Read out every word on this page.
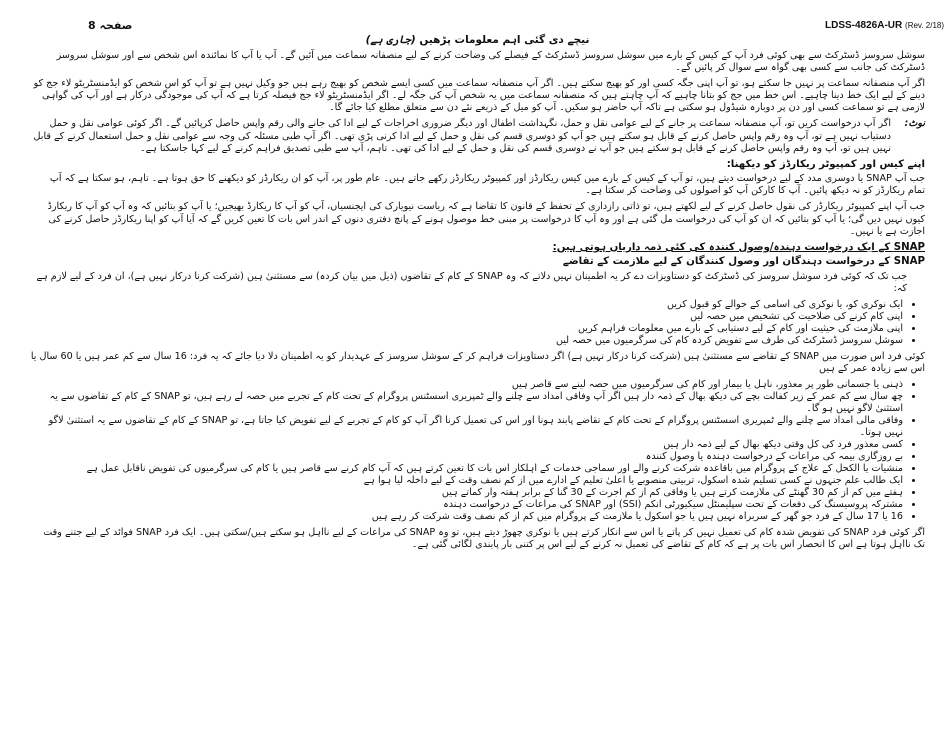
صفحہ 8	LDSS-4826A-UR (Rev. 2/18)
نیچے دی گئی اہم معلومات پڑھیں (جاری ہے)

سوشل سروسز ڈسٹرکٹ سے بھی کوئی فرد آپ کے کیس کے بارے میں سوشل سروسز ڈسٹرکٹ کے فیصلے کی وضاحت کرنے کے لیے منصفانہ سماعت میں آئیں گے۔ آپ یا آپ کا نمائندہ اس شخص سے اور سوشل سروسز ڈسٹرکٹ کی جانب سے کسی بھی گواہ سے سوال کر پائیں گے۔

اگر آپ منصفانہ سماعت پر نہیں جا سکتے ہو، تو آپ اپنی جگہ کسی اور کو بھیج سکتے ہیں۔ اگر آپ منصفانہ سماعت میں کسی ایسے شخص کو بھیج رہے ہیں جو وکیل نہیں ہے تو آپ کو اس شخص کو ایڈمنسٹریٹو لاء جج کو دینے کے لیے ایک خط دینا چاہیے۔ اس خط میں جج کو بتانا چاہیے کہ آپ چاہتے ہیں کہ منصفانہ سماعت میں یہ شخص آپ کی جگہ لے۔ اگر ایڈمنسٹریٹو لاء جج فیصلہ کرتا ہے کہ آپ کی موجودگی درکار ہے اور آپ کی گواہی لازمی ہے تو سماعت کسی اور دن پر دوبارہ شیڈول ہو سکتی ہے تاکہ آپ حاضر ہو سکیں۔ آپ کو میل کے ذریعے نئے دن سے متعلق مطلع کیا جائے گا۔

نوٹ:
اگر آپ درخواست کریں تو، آپ منصفانہ سماعت پر جانے کے لیے عوامی نقل و حمل، نگہداشت اطفال اور دیگر ضروری اخراجات کے لیے ادا کی جانے والی رقم واپس حاصل کرپائیں گے۔ اگر کوئی عوامی نقل و حمل دستیاب نہیں ہے تو، آپ وہ رقم واپس حاصل کرنے کے قابل ہو سکتے ہیں جو آپ کو دوسری قسم کی نقل و حمل کے لیے ادا کرنی پڑی تھی۔ اگر آپ طبی مسئلہ کی وجہ سے عوامی نقل و حمل استعمال کرنے کے قابل نہیں ہیں تو، آپ وہ رقم واپس حاصل کرنے کے قابل ہو سکتے ہیں جو آپ نے دوسری قسم کی نقل و حمل کے لیے ادا کی تھی۔ تاہم، آپ سے طبی تصدیق فراہم کرنے کے لیے کہا جاسکتا ہے۔
اپنے کیس اور کمپیوٹر ریکارڈز کو دیکھنا:

جب آپ SNAP یا دوسری مدد کے لیے درخواست دیتے ہیں، تو آپ کے کیس کے بارے میں کیس ریکارڈز اور کمپیوٹر ریکارڈز رکھے جاتے ہیں۔ عام طور پر، آپ کو ان ریکارڈز کو دیکھنے کا حق ہوتا ہے۔ تاہم، ہو سکتا ہے کہ آپ تمام ریکارڈز کو نہ دیکھ پائیں۔ آپ کا کارکن آپ کو اصولوں کی وضاحت کر سکتا ہے۔

جب آپ اپنے کمپیوٹر ریکارڈز کی نقول حاصل کرنے کے لیے لکھتے ہیں، تو ذاتی رازداری کے تحفظ کے قانون کا تقاضا ہے کہ ریاست نیویارک کی ایجنسیاں، آپ کو آپ کا ریکارڈ بھیجیں؛ یا آپ کو بتائیں کہ وہ آپ کو آپ کا ریکارڈ کیوں نہیں دیں گی؛ یا آپ کو بتائیں کہ ان کو آپ کی درخواست مل گئی ہے اور وہ آپ کا درخواست پر مبنی خط موصول ہونے کے پانچ دفتری دنوں کے اندر اس بات کا تعین کریں گے کہ آیا آپ کو اپنا ریکارڈز حاصل کرنے کی اجازت ہے یا نہیں۔

SNAP کے ایک درخواست دہندہ/وصول کنندہ کی کئی ذمہ داریاں ہوتی ہیں:
SNAP کے درخواست دہندگان اور وصول کنندگان کے لیے ملازمت کے تقاضے

جب تک کہ کوئی فرد سوشل سروسز کی ڈسٹرکٹ کو دستاویزات دے کر یہ اطمینان نہیں دلاتے کہ وہ SNAP کے کام کے تقاضوں (ذیل میں بیان کردہ) سے مستثنیٰ ہیں (شرکت کرنا درکار نہیں ہے)، ان فرد کے لیے لازم ہے کہ:

• ایک نوکری کو، یا نوکری کی اسامی کے حوالے کو قبول کریں
• اپنی کام کرنے کی صلاحیت کی تشخیص میں حصہ لیں
• اپنی ملازمت کی حیثیت اور کام کے لیے دستیابی کے بارے میں معلومات فراہم کریں
• سوشل سروسز ڈسٹرکٹ کی طرف سے تفویض کردہ کام کی سرگرمیوں میں حصہ لیں

کوئی فرد اس صورت میں SNAP کے تقاضے سے مستثنیٰ ہیں (شرکت کرنا درکار نہیں ہے) اگر دستاویزات فراہم کر کے سوشل سروسز کے عہدیدار کو یہ اطمینان دلا دیا جائے کہ یہ فرد: 16 سال سے کم عمر ہیں یا 60 سال یا اس سے زیادہ عمر کے ہیں

• ذہنی یا جسمانی طور پر معذور، ناہل یا بیمار اور کام کی سرگرمیوں میں حصہ لینے سے قاصر ہیں
• چھ سال سے کم عمر کے زیر کفالت بچے کی دیکھ بھال کے ذمہ دار ہیں اگر آپ وفاقی امداد سے چلنے والے ٹمپریری اسسٹنس پروگرام کے تحت کام کے تجربے میں حصہ لے رہے ہیں، تو SNAP کے کام کے تقاضوں سے یہ استثنیٰ لاگو نہیں ہو گا۔
• وفاقی مالی امداد سے چلنے والے ٹمپریری اسسٹنس پروگرام کے تحت کام کے تقاضے پابند ہونا اور اس کی تعمیل کرنا اگر آپ کو کام کے تجربے کے لیے تفویض کیا جاتا ہے، تو SNAP کے کام کے تقاضوں سے یہ استثنیٰ لاگو نہیں ہوتا۔
• کسی معذور فرد کی کل وقتی دیکھ بھال کے لیے ذمہ دار ہیں
• بے روزگاری بیمہ کی مراعات کے درخواست دہندہ یا وصول کنندہ
• منشیات یا الکحل کے علاج کے پروگرام میں باقاعدہ شرکت کرنے والے اور سماجی خدمات کے اہلکار اس بات کا تعین کرتے ہیں کہ آپ کام کرنے سے قاصر ہیں یا کام کی سرگرمیوں کی تفویض ناقابل عمل ہے
• ایک طالب علم جنہوں نے کسی تسلیم شدہ اسکول، تربیتی منصوبے یا اعلیٰ تعلیم کے ادارے میں از کم نصف وقت کے لیے داخلہ لیا ہوا ہے
• ہفتے میں کم از کم 30 گھنٹے کی ملازمت کرتے ہیں یا وفاقی کم از کم اجرت کے 30 گنا کے برابر ہفتہ وار کماتے ہیں
• مشترکہ پروسیسنگ کی دفعات کے تحت سپلیمنٹل سیکیورٹی انکم (SSI) اور SNAP کی مراعات کے درخواست دہندہ
• 16 یا 17 سال کے فرد جو گھر کے سربراہ نہیں ہیں یا جو اسکول یا ملازمت کے پروگرام میں کم از کم نصف وقت شرکت کر رہے ہیں

اگر کوئی فرد SNAP کی تفویض شدہ کام کی تعمیل نہیں کر پاتے یا اس سے انکار کرتے ہیں یا نوکری چھوڑ دیتے ہیں، تو وہ SNAP کی مراعات کے لیے نااہل ہو سکتے ہیں/سکتی ہیں۔ ایک فرد SNAP فوائد کے لیے جتنے وقت تک نااہل ہوتا ہے اس کا انحصار اس بات پر ہے کہ کام کے تقاضے کی تعمیل نہ کرنے کے لیے اس پر کتنی بار پابندی لگائی گئی ہے۔
